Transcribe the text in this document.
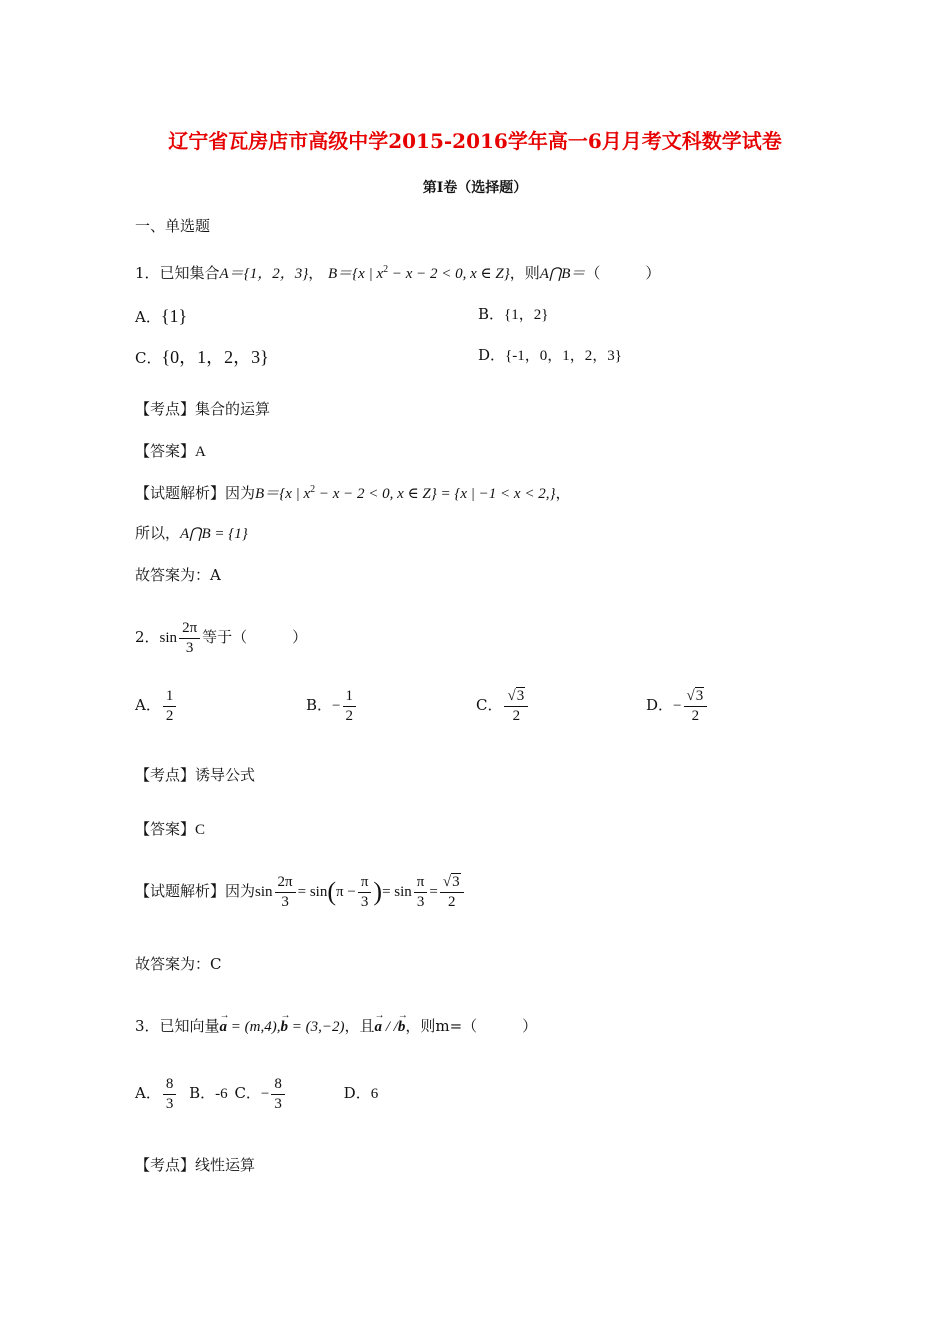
辽宁省瓦房店市高级中学2015-2016学年高一6月月考文科数学试卷
第I卷（选择题）
一、单选题
1．已知集合A＝{1，2，3}， B＝{x | $x^2 - x - 2 < 0$, x ∈ Z}，则A⋂B＝（　　　）
A．{1}	B．{1，2}
C．{0，1，2，3}	D．{-1，0，1，2，3}
【考点】集合的运算
【答案】A
【试题解析】因为B＝{x | $x^2 - x - 2 < 0$, x ∈ Z} = {x | −1 < x < 2,}，
所以，A⋂B = {1}
故答案为：A
2．$\sin \frac{2\pi}{3}$ 等于（　　　）
A． $\frac{1}{2}$	B．− $\frac{1}{2}$	C． $\frac{√3}{2}$	D．− $\frac{√3}{2}$
【考点】诱导公式
【答案】C
【试题解析】因为$\sin \frac{2\pi}{3} = \sin(\pi - \frac{\pi}{3}$ )= $\sin \frac{\pi}{3} = \frac{√3}{2}$
故答案为：C
3．已知向量→ a = (m,4),→ b = (3,−2)，且→ a / /→ b，则m=（　　　）
A． $\frac{8}{3}$ B．-6 C．− $\frac{8}{3}$	D．6
【考点】线性运算
